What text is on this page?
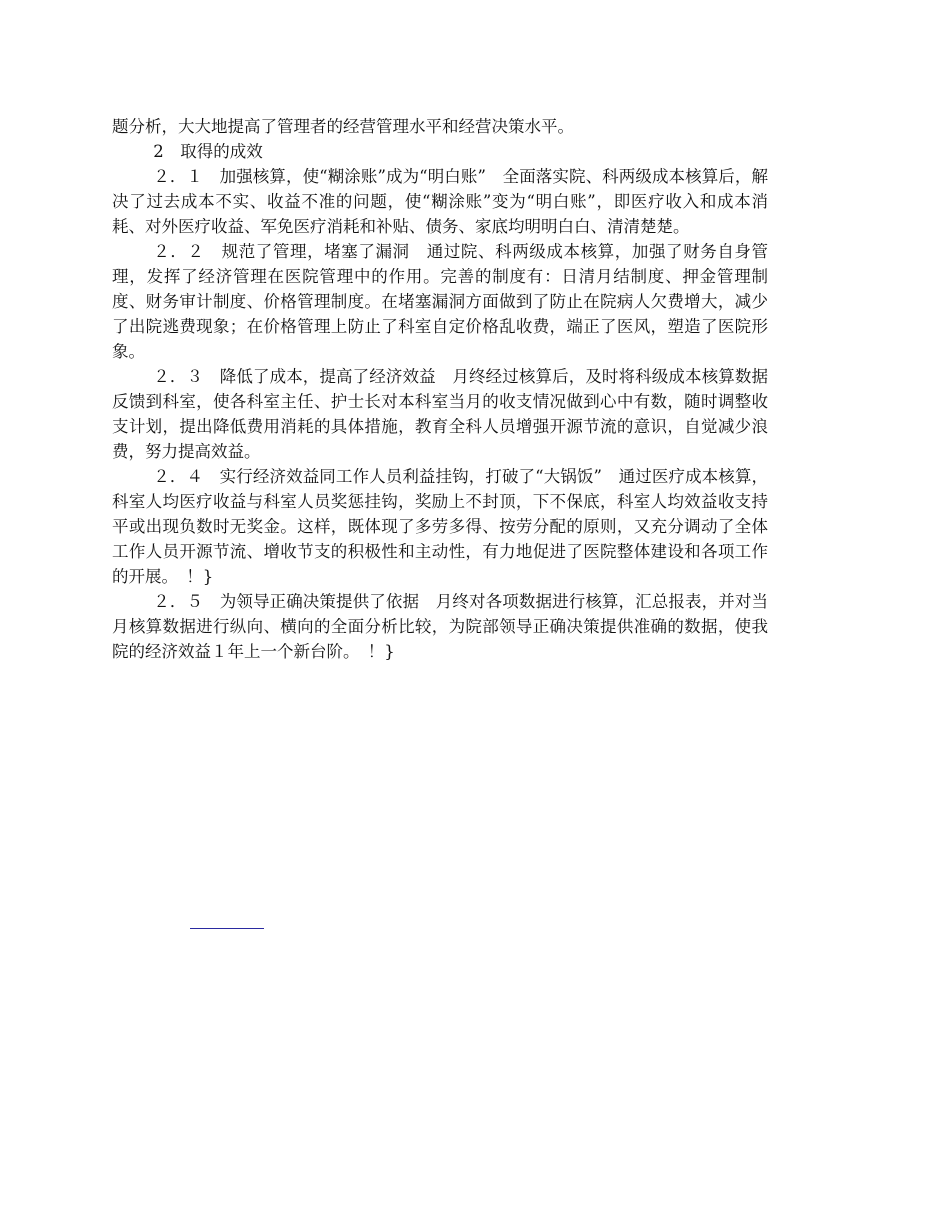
题分析，大大地提高了管理者的经营管理水平和经营决策水平。

2　取得的成效

２．１　加强核算，使“糊涂账”成为“明白账”　全面落实院、科两级成本核算后，解决了过去成本不实、收益不准的问题，使“糊涂账”变为“明白账”，即医疗收入和成本消耗、对外医疗收益、军免医疗消耗和补贴、债务、家底均明明白白、清清楚楚。

２．２　规范了管理，堵塞了漏洞　通过院、科两级成本核算，加强了财务自身管理，发挥了经济管理在医院管理中的作用。完善的制度有：日清月结制度、押金管理制度、财务审计制度、价格管理制度。在堵塞漏洞方面做到了防止在院病人欠费增大，减少了出院逃费现象；在价格管理上防止了科室自定价格乱收费，端正了医风，塑造了医院形象。

２．３　降低了成本，提高了经济效益　月终经过核算后，及时将科级成本核算数据反馈到科室，使各科室主任、护士长对本科室当月的收支情况做到心中有数，随时调整收支计划，提出降低费用消耗的具体措施，教育全科人员增强开源节流的意识，自觉减少浪费，努力提高效益。

２．４　实行经济效益同工作人员利益挂钩，打破了“大锅饭”　通过医疗成本核算，科室人均医疗收益与科室人员奖惩挂钩，奖励上不封顶，下不保底，科室人均效益收支持平或出现负数时无奖金。这样，既体现了多劳多得、按劳分配的原则，又充分调动了全体工作人员开源节流、增收节支的积极性和主动性，有力地促进了医院整体建设和各项工作的开展。　！}

２．５　为领导正确决策提供了依据　月终对各项数据进行核算，汇总报表，并对当月核算数据进行纵向、横向的全面分析比较，为院部领导正确决策提供准确的数据，使我院的经济效益１年上一个新台阶。　！}
